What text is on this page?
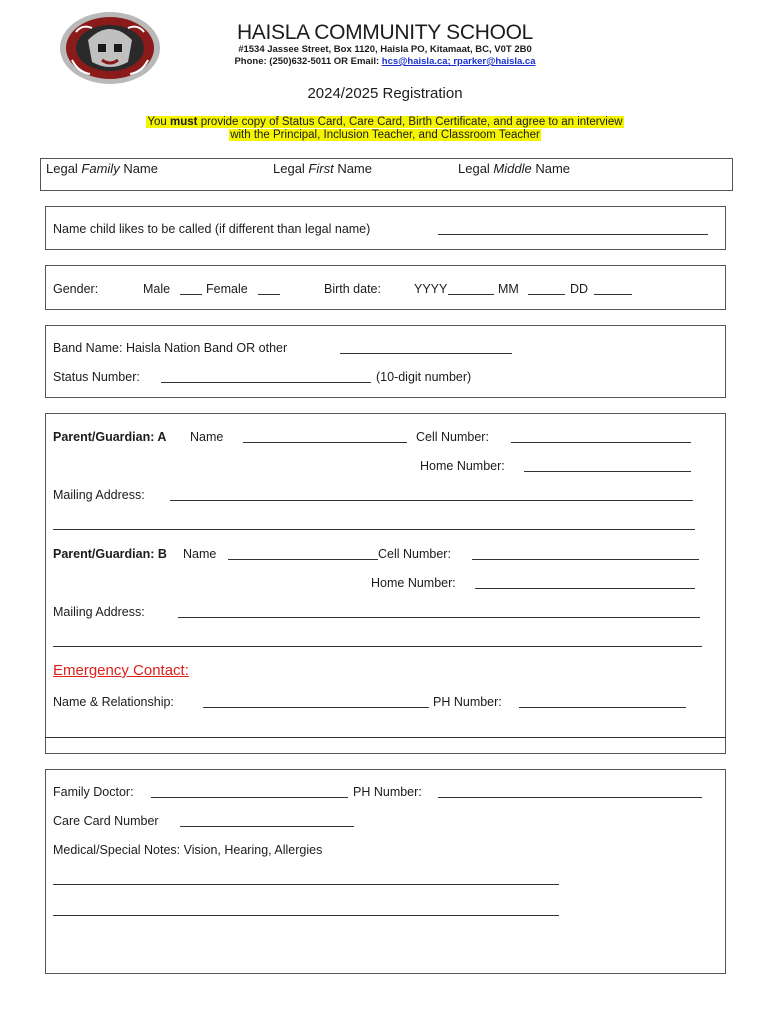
HAISLA COMMUNITY SCHOOL
#1534 Jassee Street, Box 1120, Haisla PO, Kitamaat, BC, V0T 2B0
Phone: (250)632-5011 OR Email: hcs@haisla.ca; rparker@haisla.ca
2024/2025 Registration
You must provide copy of Status Card, Care Card, Birth Certificate, and agree to an interview
with the Principal, Inclusion Teacher, and Classroom Teacher
Legal Family Name	Legal First Name	Legal Middle Name
Name child likes to be called (if different than legal name)
Gender:	Male	Female	Birth date:	YYYY	MM	DD
Band Name: Haisla Nation Band OR other
Status Number:	(10-digit number)
Parent/Guardian: A Name	Cell Number:
Home Number:
Mailing Address:
Parent/Guardian: B Name	Cell Number:
Home Number:
Mailing Address:
Emergency Contact:
Name & Relationship:	PH Number:
Family Doctor:	PH Number:
Care Card Number
Medical/Special Notes: Vision, Hearing, Allergies
